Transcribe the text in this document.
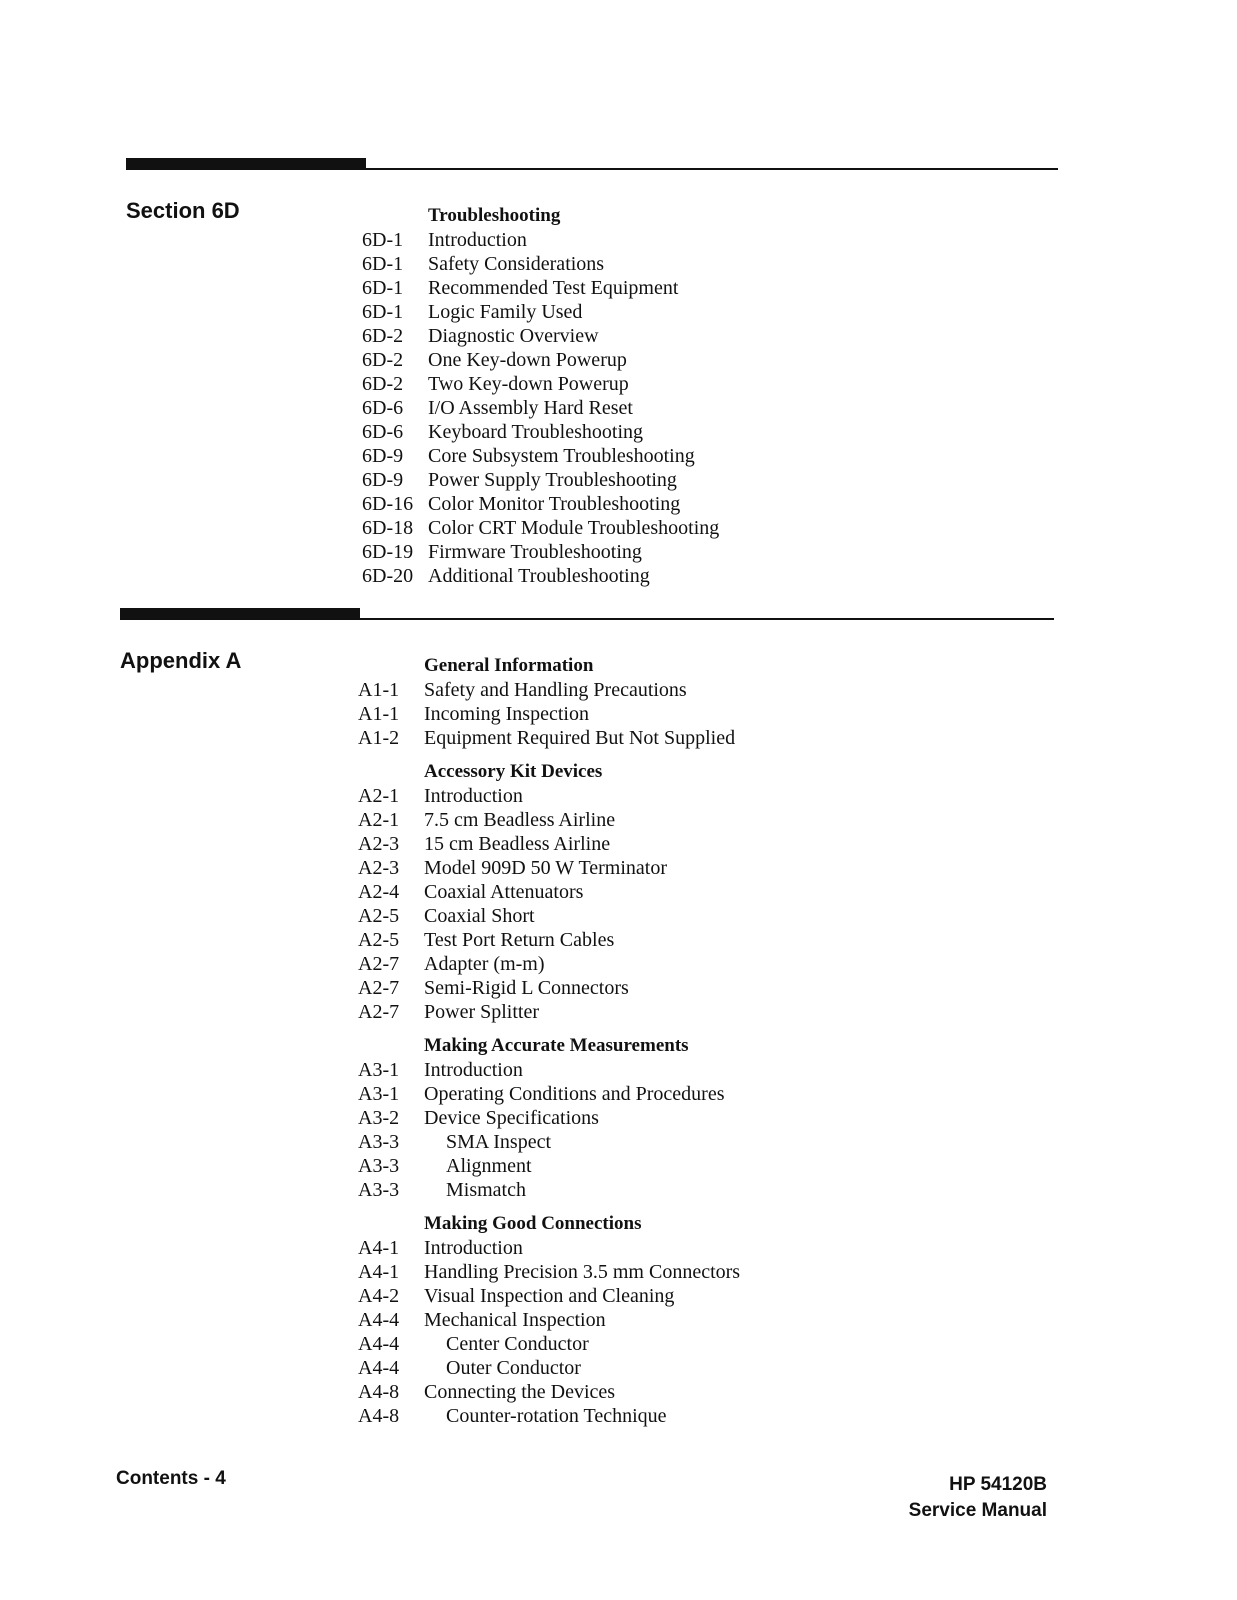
Section 6D	Troubleshooting
6D-1	Introduction
6D-1	Safety Considerations
6D-1	Recommended Test Equipment
6D-1	Logic Family Used
6D-2	Diagnostic Overview
6D-2	One Key-down Powerup
6D-2	Two Key-down Powerup
6D-6	I/O Assembly Hard Reset
6D-6	Keyboard Troubleshooting
6D-9	Core Subsystem Troubleshooting
6D-9	Power Supply Troubleshooting
6D-16 Color Monitor Troubleshooting
6D-18 Color CRT Module Troubleshooting
6D-19 Firmware Troubleshooting
6D-20 Additional Troubleshooting
Appendix A	General Information
A1-1	Safety and Handling Precautions
A1-1	Incoming Inspection
A1-2	Equipment Required But Not Supplied
Accessory Kit Devices
A2-1	Introduction
A2-1	7.5 cm Beadless Airline
A2-3	15 cm Beadless Airline
A2-3	Model 909D 50 W Terminator
A2-4	Coaxial Attenuators
A2-5	Coaxial Short
A2-5	Test Port Return Cables
A2-7	Adapter (m-m)
A2-7	Semi-Rigid L Connectors
A2-7	Power Splitter
Making Accurate Measurements
A3-1	Introduction
A3-1	Operating Conditions and Procedures
A3-2	Device Specifications
A3-3	SMA Inspect
A3-3	Alignment
A3-3	Mismatch
Making Good Connections
A4-1	Introduction
A4-1	Handling Precision 3.5 mm Connectors
A4-2	Visual Inspection and Cleaning
A4-4	Mechanical Inspection
A4-4	Center Conductor
A4-4	Outer Conductor
A4-8	Connecting the Devices
A4-8	Counter-rotation Technique

Contents - 4	HP 54120B
Service Manual
